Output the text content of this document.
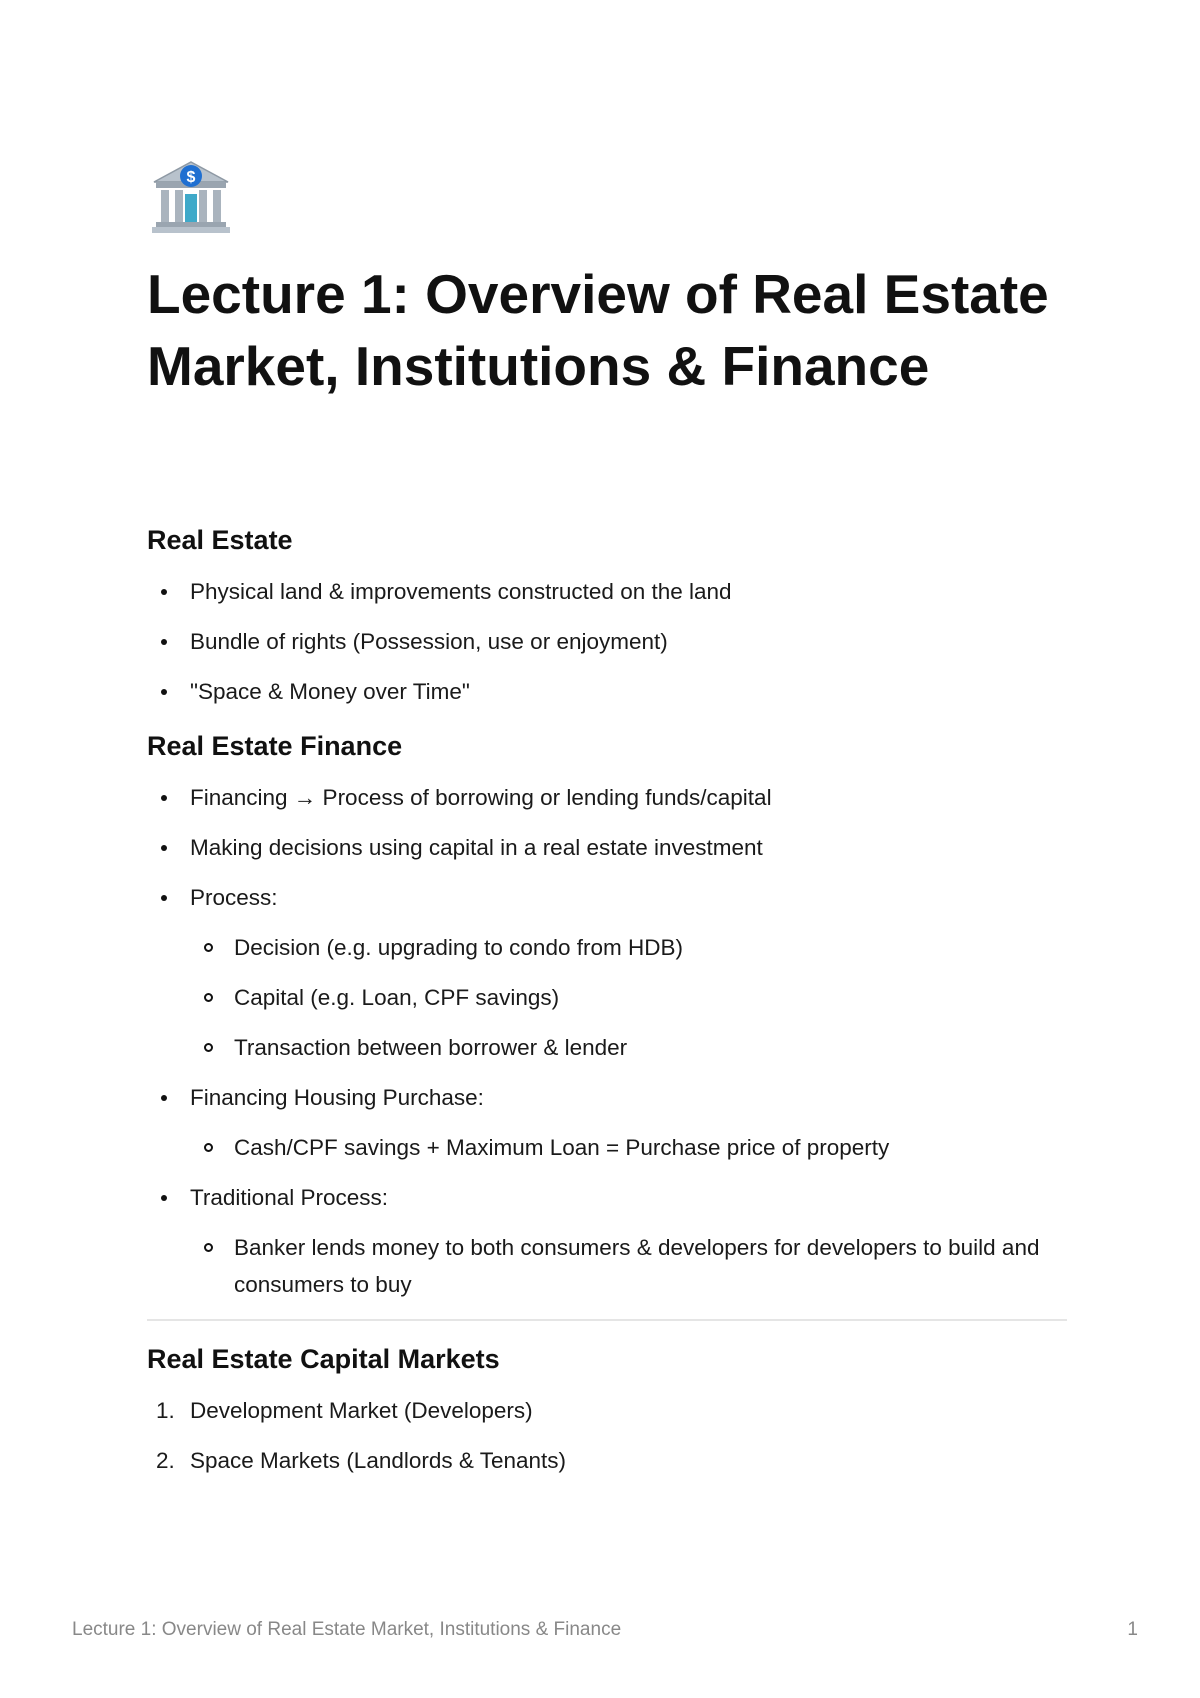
$
Lecture 1: Overview of Real Estate Market, Institutions & Finance
Real Estate
Physical land & improvements constructed on the land
Bundle of rights (Possession, use or enjoyment)
"Space & Money over Time"
Real Estate Finance
Financing → Process of borrowing or lending funds/capital
Making decisions using capital in a real estate investment
Process:
Decision (e.g. upgrading to condo from HDB)
Capital (e.g. Loan, CPF savings)
Transaction between borrower & lender
Financing Housing Purchase:
Cash/CPF savings + Maximum Loan = Purchase price of property
Traditional Process:
Banker lends money to both consumers & developers for developers to build and consumers to buy
Real Estate Capital Markets
1. Development Market (Developers)
2. Space Markets (Landlords & Tenants)
Lecture 1: Overview of Real Estate Market, Institutions & Finance	1
